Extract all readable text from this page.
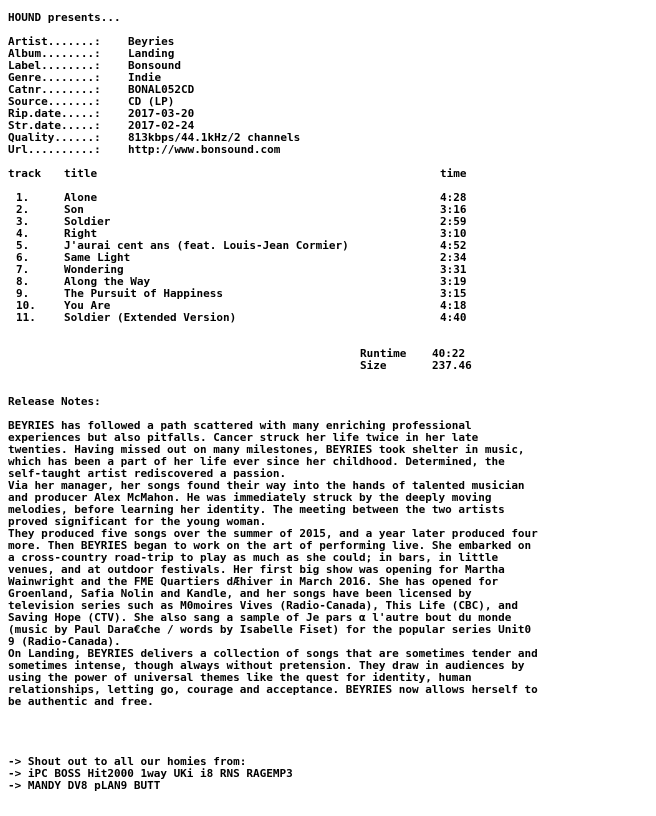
HOUND presents...
Artist.......: Beyries
Album........: Landing
Label........: Bonsound
Genre........: Indie
Catnr........: BONAL052CD
Source.......: CD (LP)
Rip.date.....: 2017-03-20
Str.date.....: 2017-02-24
Quality......: 813kbps/44.1kHz/2 channels
Url..........: http://www.bonsound.com
track title	time
1.	Alone	4:28
2.	Son	3:16
3.	Soldier	2:59
4.	Right	3:10
5.	J'aurai cent ans (feat. Louis-Jean Cormier)	4:52
6.	Same Light	2:34
7.	Wondering	3:31
8.	Along the Way	3:19
9.	The Pursuit of Happiness	3:15
10.	You Are	4:18
11.	Soldier (Extended Version)	4:40
Runtime 40:22
Size	237.46
Release Notes:
BEYRIES has followed a path scattered with many enriching professional
experiences but also pitfalls. Cancer struck her life twice in her late
twenties. Having missed out on many milestones, BEYRIES took shelter in music,
which has been a part of her life ever since her childhood. Determined, the
self-taught artist rediscovered a passion.
Via her manager, her songs found their way into the hands of talented musician
and producer Alex McMahon. He was immediately struck by the deeply moving
melodies, before learning her identity. The meeting between the two artists
proved significant for the young woman.
They produced five songs over the summer of 2015, and a year later produced four
more. Then BEYRIES began to work on the art of performing live. She embarked on
a cross-country road-trip to play as much as she could; in bars, in little
venues, and at outdoor festivals. Her first big show was opening for Martha
Wainwright and the FME Quartiers dÆhiver in March 2016. She has opened for
Groenland, Safia Nolin and Kandle, and her songs have been licensed by
television series such as M0moires Vives (Radio-Canada), This Life (CBC), and
Saving Hope (CTV). She also sang a sample of Je pars α l'autre bout du monde
(music by Paul Dara€che / words by Isabelle Fiset) for the popular series Unit0
9 (Radio-Canada).
On Landing, BEYRIES delivers a collection of songs that are sometimes tender and
sometimes intense, though always without pretension. They draw in audiences by
using the power of universal themes like the quest for identity, human
relationships, letting go, courage and acceptance. BEYRIES now allows herself to
be authentic and free.
-> Shout out to all our homies from:
-> iPC BOSS Hit2000 1way UKi i8 RNS RAGEMP3
-> MANDY DV8 pLAN9 BUTT
